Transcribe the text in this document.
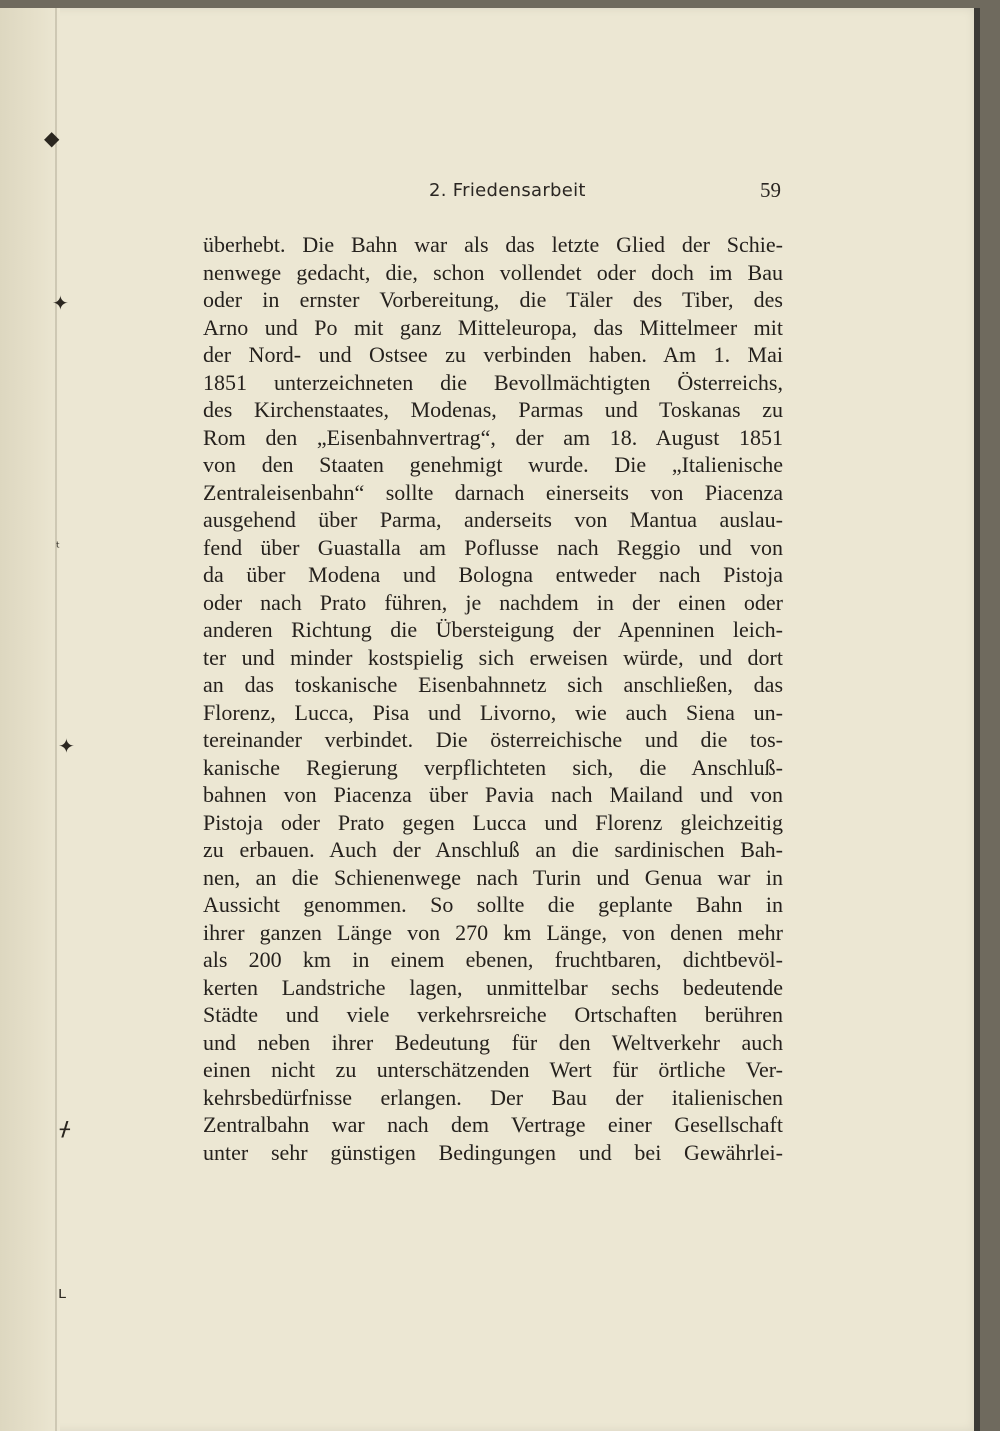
◆
✦
ᵗ
✦
ᚋ
ʟ
2. Friedensarbeit	59
überhebt. Die Bahn war als das letzte Glied der Schie-
nenwege gedacht, die, schon vollendet oder doch im Bau
oder in ernster Vorbereitung, die Täler des Tiber, des
Arno und Po mit ganz Mitteleuropa, das Mittelmeer mit
der Nord- und Ostsee zu verbinden haben. Am 1. Mai
1851 unterzeichneten die Bevollmächtigten Österreichs,
des Kirchenstaates, Modenas, Parmas und Toskanas zu
Rom den „Eisenbahnvertrag“, der am 18. August 1851
von den Staaten genehmigt wurde. Die „Italienische
Zentraleisenbahn“ sollte darnach einerseits von Piacenza
ausgehend über Parma, anderseits von Mantua auslau-
fend über Guastalla am Poflusse nach Reggio und von
da über Modena und Bologna entweder nach Pistoja
oder nach Prato führen, je nachdem in der einen oder
anderen Richtung die Übersteigung der Apenninen leich-
ter und minder kostspielig sich erweisen würde, und dort
an das toskanische Eisenbahnnetz sich anschließen, das
Florenz, Lucca, Pisa und Livorno, wie auch Siena un-
tereinander verbindet. Die österreichische und die tos-
kanische Regierung verpflichteten sich, die Anschluß-
bahnen von Piacenza über Pavia nach Mailand und von
Pistoja oder Prato gegen Lucca und Florenz gleichzeitig
zu erbauen. Auch der Anschluß an die sardinischen Bah-
nen, an die Schienenwege nach Turin und Genua war in
Aussicht genommen. So sollte die geplante Bahn in
ihrer ganzen Länge von 270 km Länge, von denen mehr
als 200 km in einem ebenen, fruchtbaren, dichtbevöl-
kerten Landstriche lagen, unmittelbar sechs bedeutende
Städte und viele verkehrsreiche Ortschaften berühren
und neben ihrer Bedeutung für den Weltverkehr auch
einen nicht zu unterschätzenden Wert für örtliche Ver-
kehrsbedürfnisse erlangen. Der Bau der italienischen
Zentralbahn war nach dem Vertrage einer Gesellschaft
unter sehr günstigen Bedingungen und bei Gewährlei-
